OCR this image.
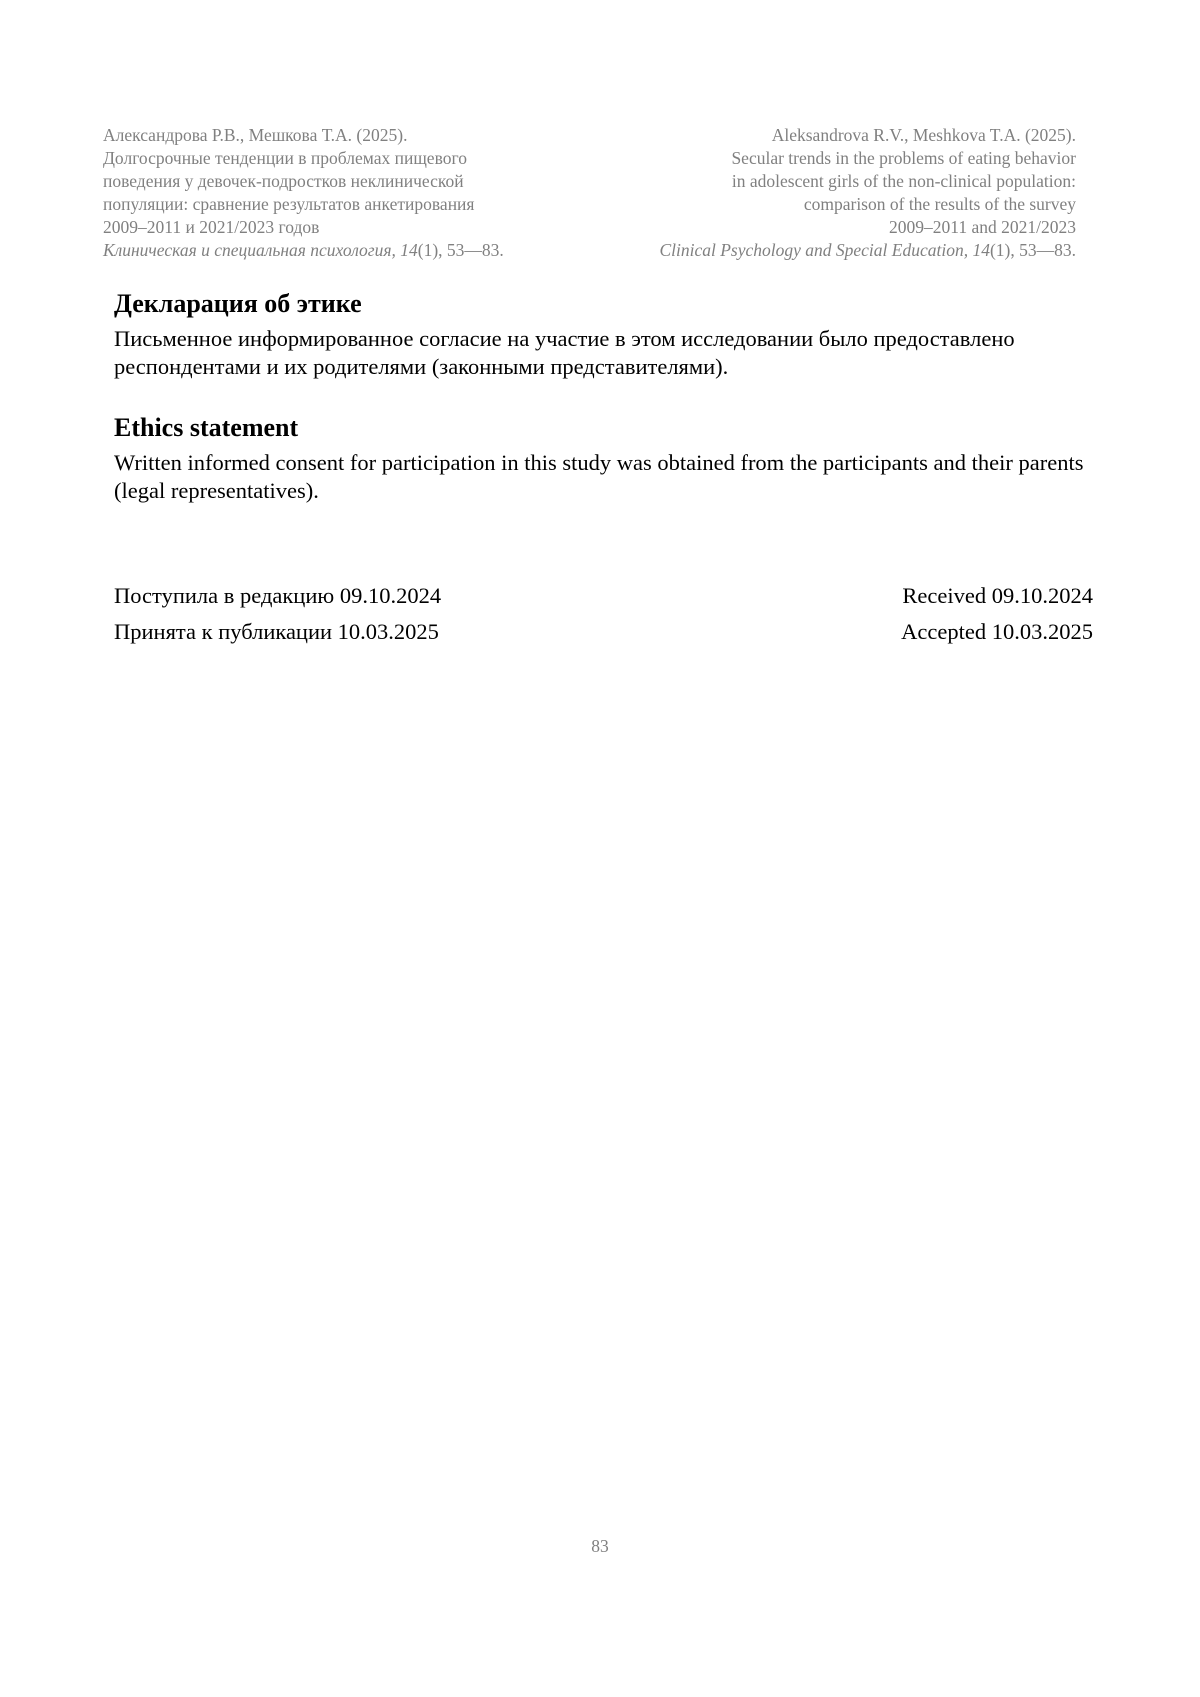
Александрова Р.В., Мешкова Т.А. (2025).
Долгосрочные тенденции в проблемах пищевого
поведения у девочек-подростков неклинической
популяции: сравнение результатов анкетирования
2009–2011 и 2021/2023 годов
Клиническая и специальная психология, 14(1), 53—83.
Aleksandrova R.V., Meshkova T.A. (2025).
Secular trends in the problems of eating behavior
in adolescent girls of the non-clinical population:
comparison of the results of the survey
2009–2011 and 2021/2023
Clinical Psychology and Special Education, 14(1), 53—83.
Декларация об этике

Письменное информированное согласие на участие в этом исследовании было предоставлено респондентами и их родителями (законными представителями).

Ethics statement

Written informed consent for participation in this study was obtained from the participants and their parents (legal representatives).

Поступила в редакцию 09.10.2024	Received 09.10.2024
Принята к публикации 10.03.2025	Accepted 10.03.2025
83
